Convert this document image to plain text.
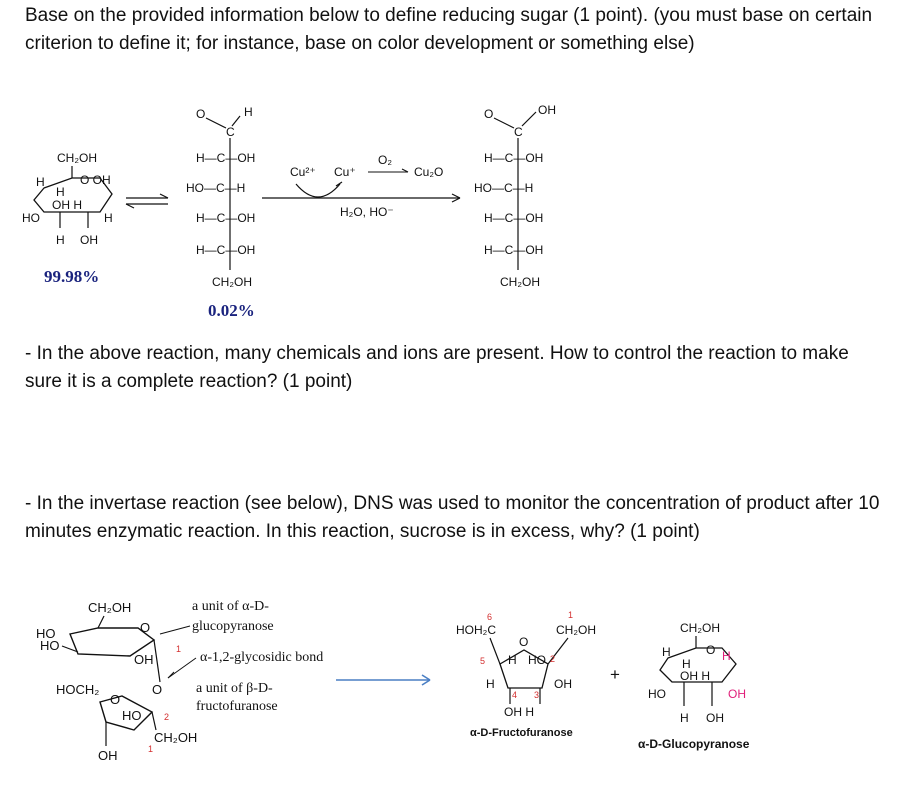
Base on the provided information below to define reducing sugar (1 point). (you must base on certain criterion to define it; for instance, base on color development or something else)

- In the above reaction, many chemicals and ions are present. How to control the reaction to make sure it is a complete reaction? (1 point)

- In the invertase reaction (see below), DNS was used to monitor the concentration of product after 10 minutes enzymatic reaction. In this reaction, sucrose is in excess, why? (1 point)

CH₂OH
O OH
H
H
OH H
HO	H
H OH
99.98%
O	H
C
H—C—OH
HO—C—H
H—C—OH
H—C—OH
CH₂OH
0.02%
Cu²⁺ Cu⁺
O₂
Cu₂O
H₂O, HO⁻
O	OH
C
H—C—OH
HO—C—H
H—C—OH
H—C—OH
CH₂OH
CH₂OH
O
HO
HO
OH
1
O
HOCH₂
O
HO	2
CH₂OH
1
OH
a unit of α-D-
glucopyranose
α-1,2-glycosidic bond
a unit of β-D-
fructofuranose
6	1
HOH₂C	CH₂OH
O
5 H HO 2
H	OH
4 3
OH H
α-D-Fructofuranose
+
CH₂OH
O H
H
H
OH H
HO	OH
H OH
α-D-Glucopyranose
